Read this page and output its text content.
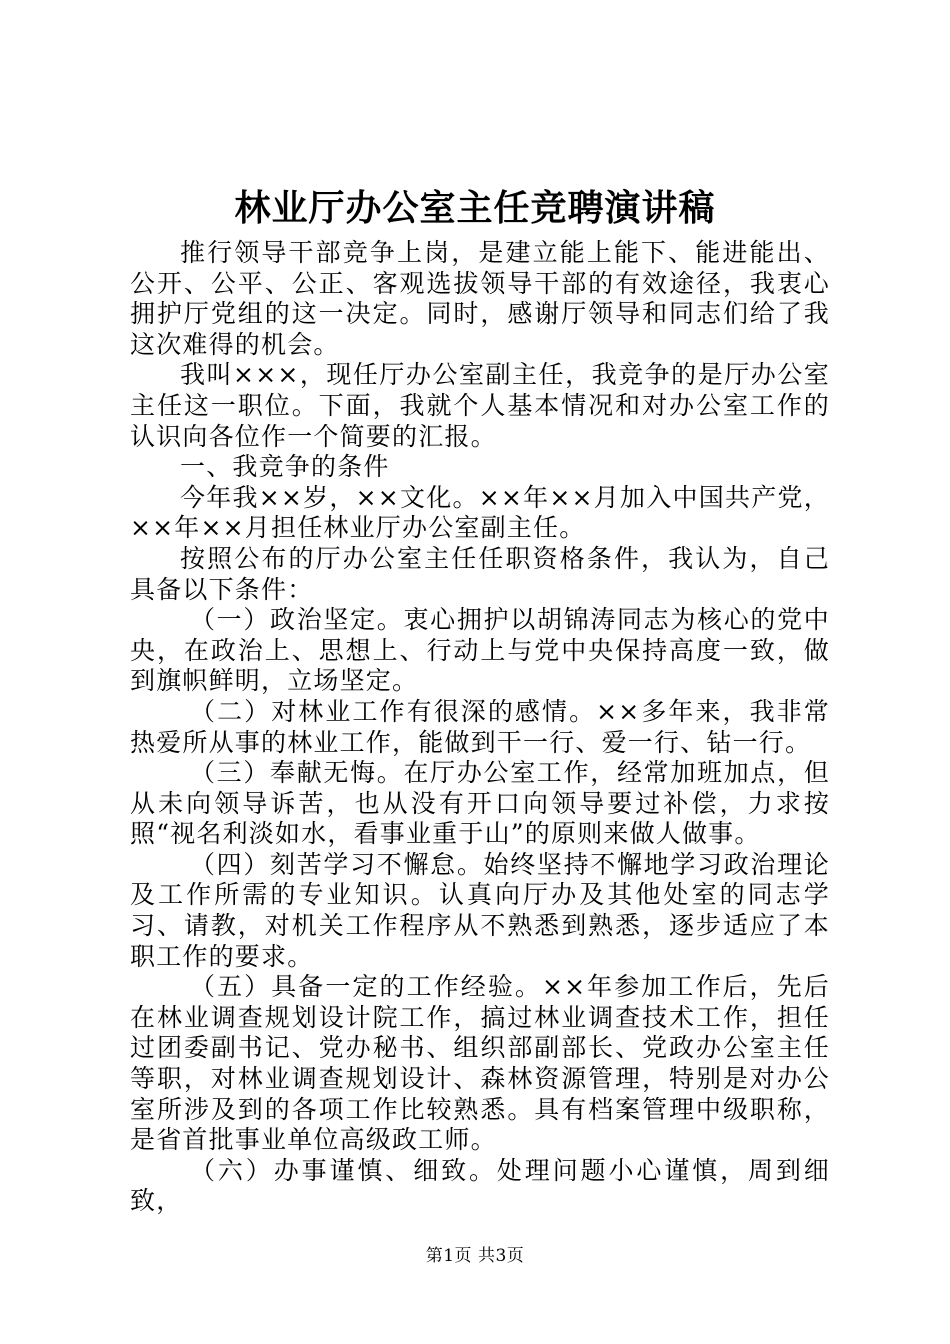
林业厅办公室主任竞聘演讲稿

推行领导干部竞争上岗，是建立能上能下、能进能出、公开、公平、公正、客观选拔领导干部的有效途径，我衷心拥护厅党组的这一决定。同时，感谢厅领导和同志们给了我这次难得的机会。

我叫×××，现任厅办公室副主任，我竞争的是厅办公室主任这一职位。下面，我就个人基本情况和对办公室工作的认识向各位作一个简要的汇报。

一、我竞争的条件

今年我××岁，××文化。××年××月加入中国共产党，××年××月担任林业厅办公室副主任。

按照公布的厅办公室主任任职资格条件，我认为，自己具备以下条件：

（一）政治坚定。衷心拥护以胡锦涛同志为核心的党中央，在政治上、思想上、行动上与党中央保持高度一致，做到旗帜鲜明，立场坚定。

（二）对林业工作有很深的感情。××多年来，我非常热爱所从事的林业工作，能做到干一行、爱一行、钻一行。

（三）奉献无悔。在厅办公室工作，经常加班加点，但从未向领导诉苦，也从没有开口向领导要过补偿，力求按照“视名利淡如水，看事业重于山”的原则来做人做事。

（四）刻苦学习不懈怠。始终坚持不懈地学习政治理论及工作所需的专业知识。认真向厅办及其他处室的同志学习、请教，对机关工作程序从不熟悉到熟悉，逐步适应了本职工作的要求。

（五）具备一定的工作经验。××年参加工作后，先后在林业调查规划设计院工作，搞过林业调查技术工作，担任过团委副书记、党办秘书、组织部副部长、党政办公室主任等职，对林业调查规划设计、森林资源管理，特别是对办公室所涉及到的各项工作比较熟悉。具有档案管理中级职称，是省首批事业单位高级政工师。

（六）办事谨慎、细致。处理问题小心谨慎，周到细致，

第1页 共3页
